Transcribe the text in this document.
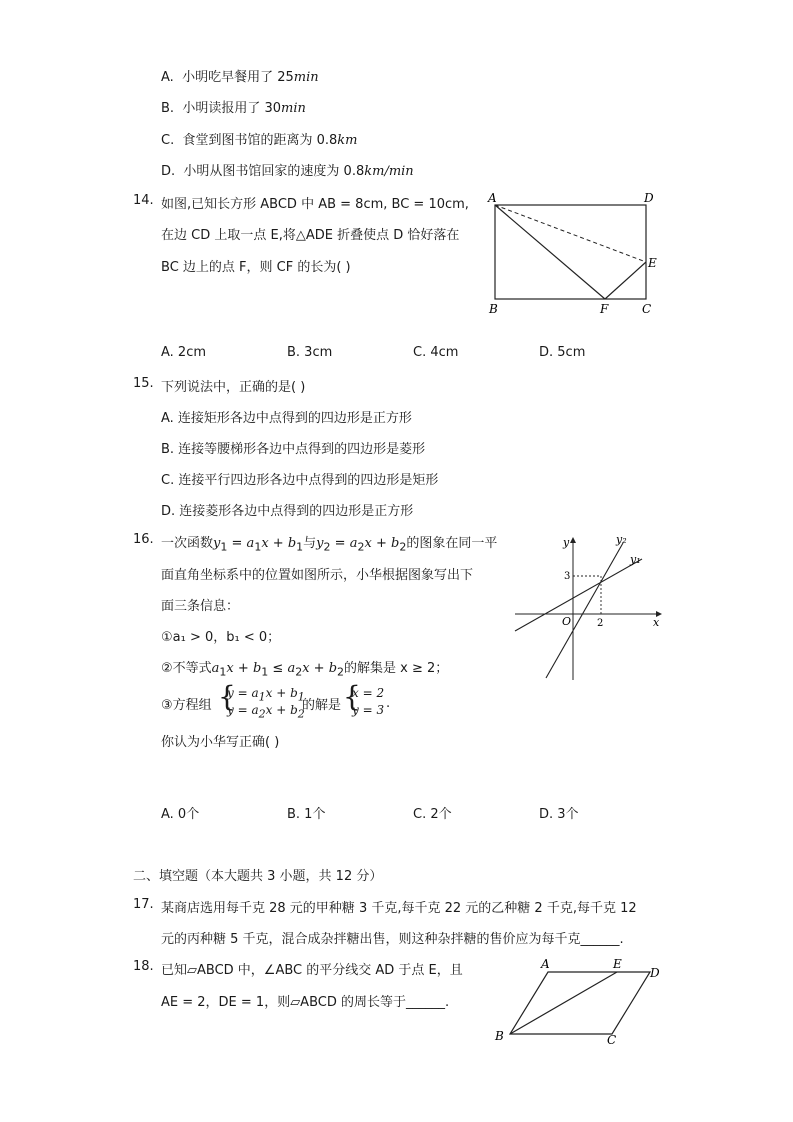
A. 小明吃早餐用了 25min
B. 小明读报用了 30min
C. 食堂到图书馆的距离为 0.8km
D. 小明从图书馆回家的速度为 0.8km/min
14. 如图,已知长方形 ABCD 中 AB = 8cm, BC = 10cm,
在边 CD 上取一点 E,将△ADE 折叠使点 D 恰好落在
BC 边上的点 F，则 CF 的长为( )
A	D
E
B	F	C
A. 2cm	B. 3cm	C. 4cm	D. 5cm
15. 下列说法中，正确的是( )
A. 连接矩形各边中点得到的四边形是正方形
B. 连接等腰梯形各边中点得到的四边形是菱形
C. 连接平行四边形各边中点得到的四边形是矩形
D. 连接菱形各边中点得到的四边形是正方形
16. 一次函数$y_1 = a_1x + b_1$与$y_2 = a_2x + b_2$的图象在同一平
面直角坐标系中的位置如图所示，小华根据图象写出下
面三条信息：
①a₁ > 0，b₁ < 0；
②不等式$a_1x + b_1 \le a_2x + b_2$的解集是 x ≥ 2；
③方程组 {
$y = a_1x + b_1$
$y = a_2x + b_2$
的解是 {
x = 2
y = 3 .
你认为小华写正确( )
y
x
O
3
2
y₁
y₂
A. 0个	B. 1个	C. 2个	D. 3个
二、填空题（本大题共 3 小题，共 12 分）
17. 某商店选用每千克 28 元的甲种糖 3 千克,每千克 22 元的乙种糖 2 千克,每千克 12
元的丙种糖 5 千克，混合成杂拌糖出售，则这种杂拌糖的售价应为每千克______.
18. 已知▱ABCD 中，∠ABC 的平分线交 AD 于点 E，且
AE = 2，DE = 1，则▱ABCD 的周长等于______.
A	E
D
B	C
